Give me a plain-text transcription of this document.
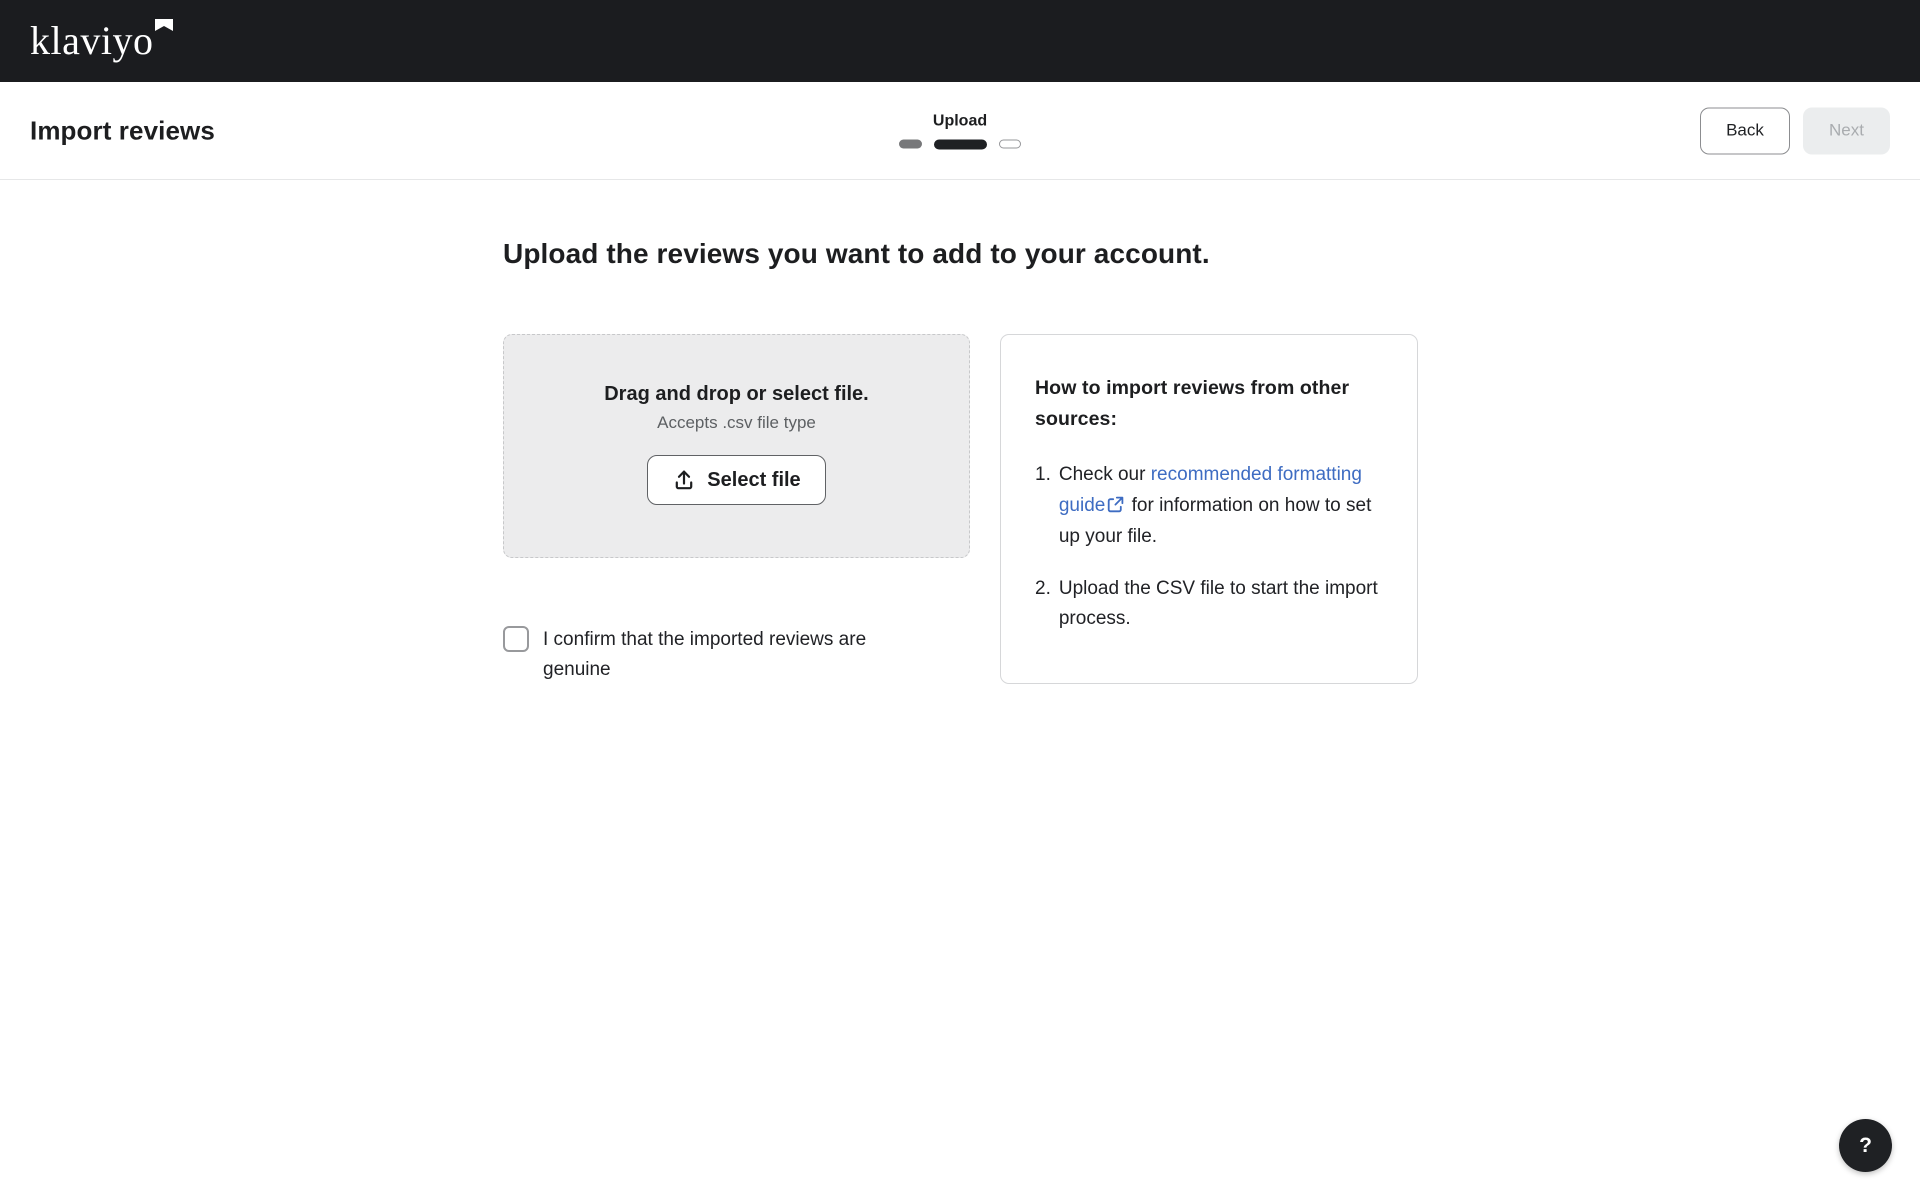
klaviyo
Import reviews	Upload	Back	Next
Upload the reviews you want to add to your account.
Drag and drop or select file.
Accepts .csv file type
Select file
I confirm that the imported reviews are genuine
How to import reviews from other sources:
1. Check our recommended formatting guide for information on how to set up your file.
2. Upload the CSV file to start the import process.
?
